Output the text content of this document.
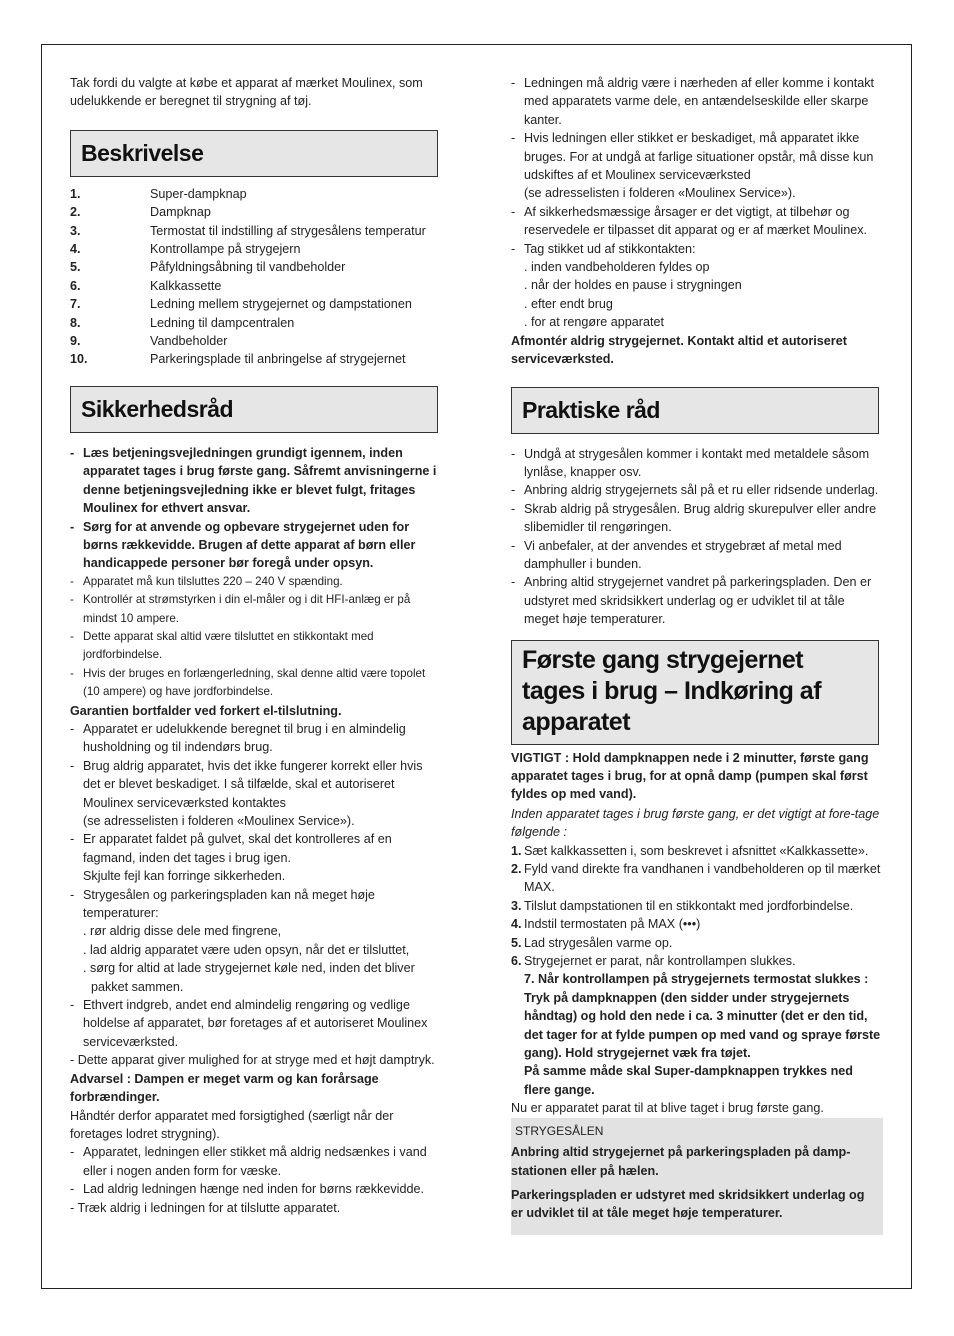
Tak fordi du valgte at købe et apparat af mærket Moulinex, som udelukkende er beregnet til strygning af tøj.

Beskrivelse
1.	Super-dampknap
2.	Dampknap
3.	Termostat til indstilling af strygesålens temperatur
4.	Kontrollampe på strygejern
5.	Påfyldningsåbning til vandbeholder
6.	Kalkkassette
7.	Ledning mellem strygejernet og dampstationen
8.	Ledning til dampcentralen
9.	Vandbeholder
10.	Parkeringsplade til anbringelse af strygejernet
Sikkerhedsråd

- Læs betjeningsvejledningen grundigt igennem, inden apparatet tages i brug første gang. Såfremt anvisningerne i denne betjeningsvejledning ikke er blevet fulgt, fritages Moulinex for ethvert ansvar.

- Sørg for at anvende og opbevare strygejernet uden for børns rækkevidde. Brugen af dette apparat af børn eller handicappede personer bør foregå under opsyn.

- Apparatet må kun tilsluttes 220 – 240 V spænding.

- Kontrollér at strømstyrken i din el-måler og i dit HFI-anlæg er på mindst 10 ampere.

- Dette apparat skal altid være tilsluttet en stikkontakt med jordforbindelse.

- Hvis der bruges en forlængerledning, skal denne altid være topolet (10 ampere) og have jordforbindelse.

Garantien bortfalder ved forkert el-tilslutning.

- Apparatet er udelukkende beregnet til brug i en almindelig husholdning og til indendørs brug.

- Brug aldrig apparatet, hvis det ikke fungerer korrekt eller hvis det er blevet beskadiget. I så tilfælde, skal et autoriseret Moulinex serviceværksted kontaktes

(se adresselisten i folderen «Moulinex Service»).

- Er apparatet faldet på gulvet, skal det kontrolleres af en fagmand, inden det tages i brug igen.

Skjulte fejl kan forringe sikkerheden.

- Strygesålen og parkeringspladen kan nå meget høje temperaturer:

. rør aldrig disse dele med fingrene,

. lad aldrig apparatet være uden opsyn, når det er tilsluttet,

. sørg for altid at lade strygejernet køle ned, inden det bliver pakket sammen.

- Ethvert indgreb, andet end almindelig rengøring og vedlige holdelse af apparatet, bør foretages af et autoriseret Moulinex serviceværksted.

- Dette apparat giver mulighed for at stryge med et højt damptryk.

Advarsel : Dampen er meget varm og kan forårsage forbrændinger.

Håndtér derfor apparatet med forsigtighed (særligt når der foretages lodret strygning).

- Apparatet, ledningen eller stikket må aldrig nedsænkes i vand eller i nogen anden form for væske.

- Lad aldrig ledningen hænge ned inden for børns rækkevidde.

- Træk aldrig i ledningen for at tilslutte apparatet.

- Ledningen må aldrig være i nærheden af eller komme i kontakt med apparatets varme dele, en antændelseskilde eller skarpe kanter.

- Hvis ledningen eller stikket er beskadiget, må apparatet ikke bruges. For at undgå at farlige situationer opstår, må disse kun udskiftes af et Moulinex serviceværksted

(se adresselisten i folderen «Moulinex Service»).

- Af sikkerhedsmæssige årsager er det vigtigt, at tilbehør og reservedele er tilpasset dit apparat og er af mærket Moulinex.

- Tag stikket ud af stikkontakten:

. inden vandbeholderen fyldes op

. når der holdes en pause i strygningen

. efter endt brug

. for at rengøre apparatet

Afmontér aldrig strygejernet. Kontakt altid et autoriseret serviceværksted.

Praktiske råd

- Undgå at strygesålen kommer i kontakt med metaldele såsom lynlåse, knapper osv.

- Anbring aldrig strygejernets sål på et ru eller ridsende underlag.

- Skrab aldrig på strygesålen. Brug aldrig skurepulver eller andre slibemidler til rengøringen.

- Vi anbefaler, at der anvendes et strygebræt af metal med damphuller i bunden.

- Anbring altid strygejernet vandret på parkeringspladen. Den er udstyret med skridsikkert underlag og er udviklet til at tåle meget høje temperaturer.

Første gang strygejernet tages i brug – Indkøring af apparatet

VIGTIGT : Hold dampknappen nede i 2 minutter, første gang apparatet tages i brug, for at opnå damp (pumpen skal først fyldes op med vand).

Inden apparatet tages i brug første gang, er det vigtigt at fore-tage følgende :

1. Sæt kalkkassetten i, som beskrevet i afsnittet «Kalkkassette».

2. Fyld vand direkte fra vandhanen i vandbeholderen op til mærket MAX.

3. Tilslut dampstationen til en stikkontakt med jordforbindelse.

4. Indstil termostaten på MAX (•••)

5. Lad strygesålen varme op.

6. Strygejernet er parat, når kontrollampen slukkes.

7. Når kontrollampen på strygejernets termostat slukkes : Tryk på dampknappen (den sidder under strygejernets håndtag) og hold den nede i ca. 3 minutter (det er den tid, det tager for at fylde pumpen op med vand og sprayе første gang). Hold strygejernet væk fra tøjet.

På samme måde skal Super-dampknappen trykkes ned flere gange.

Nu er apparatet parat til at blive taget i brug første gang.

STRYGESÅLEN

Anbring altid strygejernet på parkeringspladen på damp-stationen eller på hælen.

Parkeringspladen er udstyret med skridsikkert underlag og er udviklet til at tåle meget høje temperaturer.
